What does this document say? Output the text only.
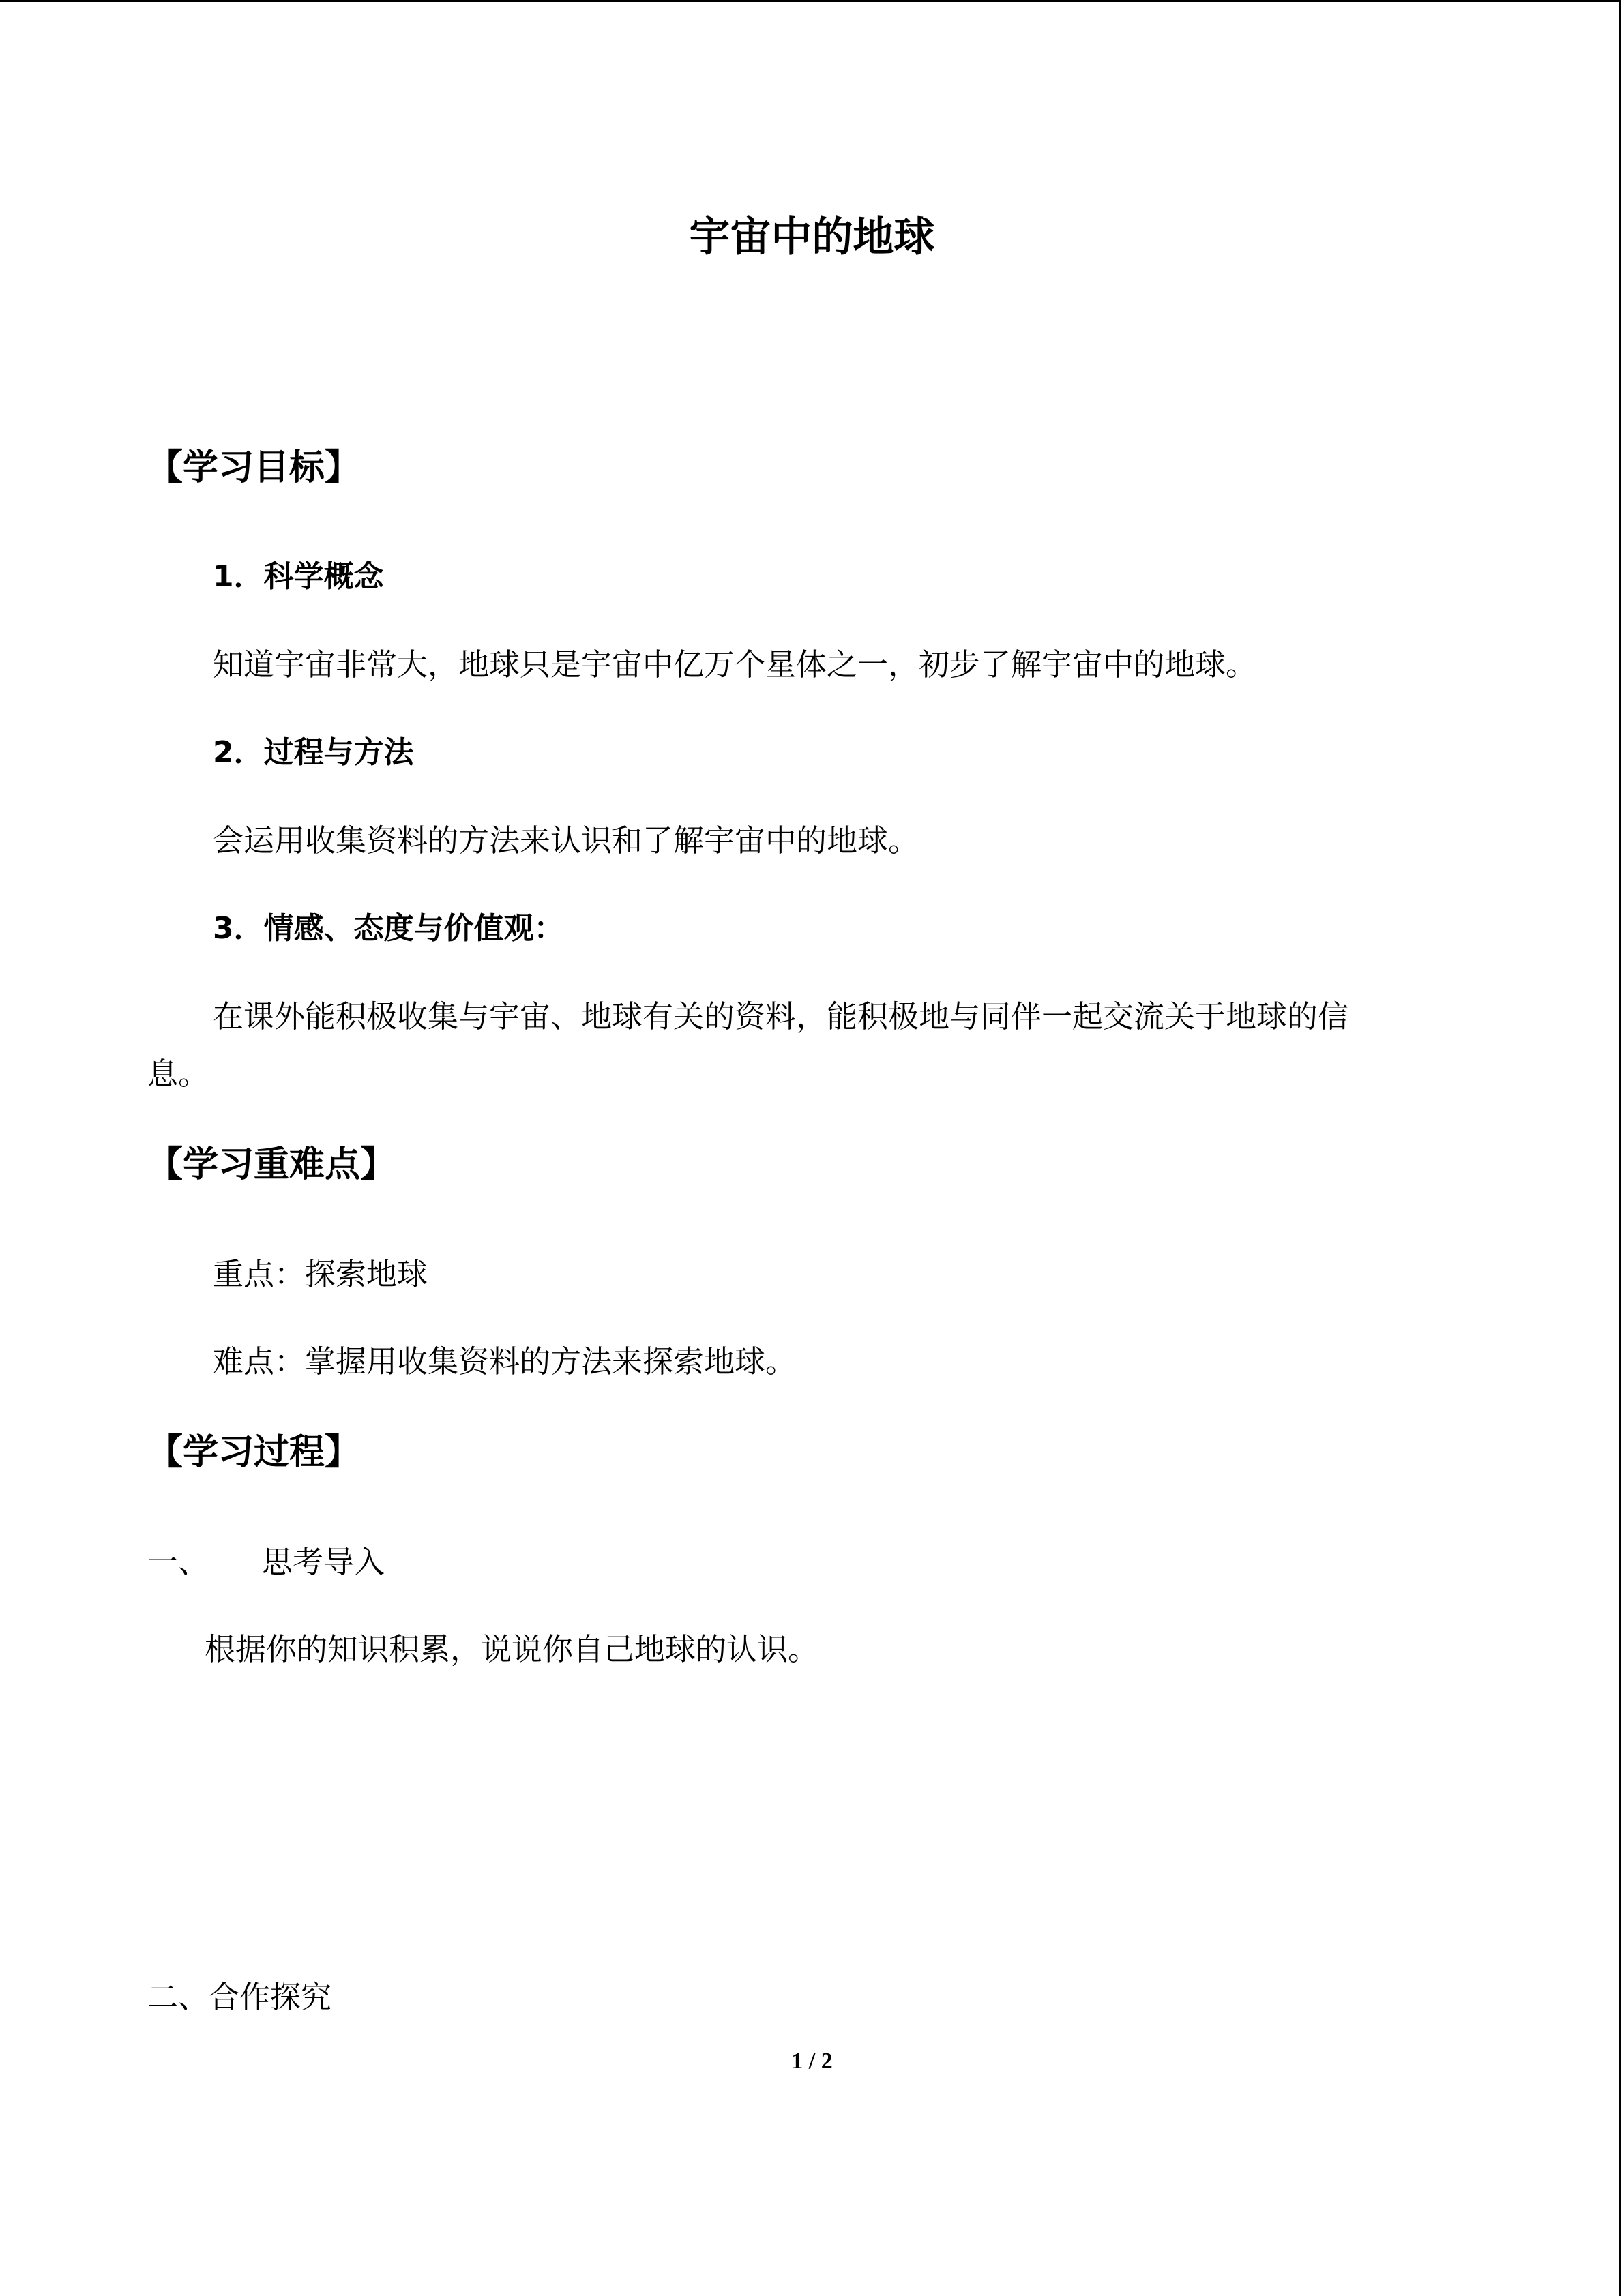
宇宙中的地球
【学习目标】
1．科学概念
知道宇宙非常大，地球只是宇宙中亿万个星体之一，初步了解宇宙中的地球。
2．过程与方法
会运用收集资料的方法来认识和了解宇宙中的地球。
3．情感、态度与价值观：
在课外能积极收集与宇宙、地球有关的资料，能积极地与同伴一起交流关于地球的信
息。
【学习重难点】
重点：探索地球
难点：掌握用收集资料的方法来探索地球。
【学习过程】
一、 思考导入
根据你的知识积累，说说你自己地球的认识。
二、合作探究
1 / 2
